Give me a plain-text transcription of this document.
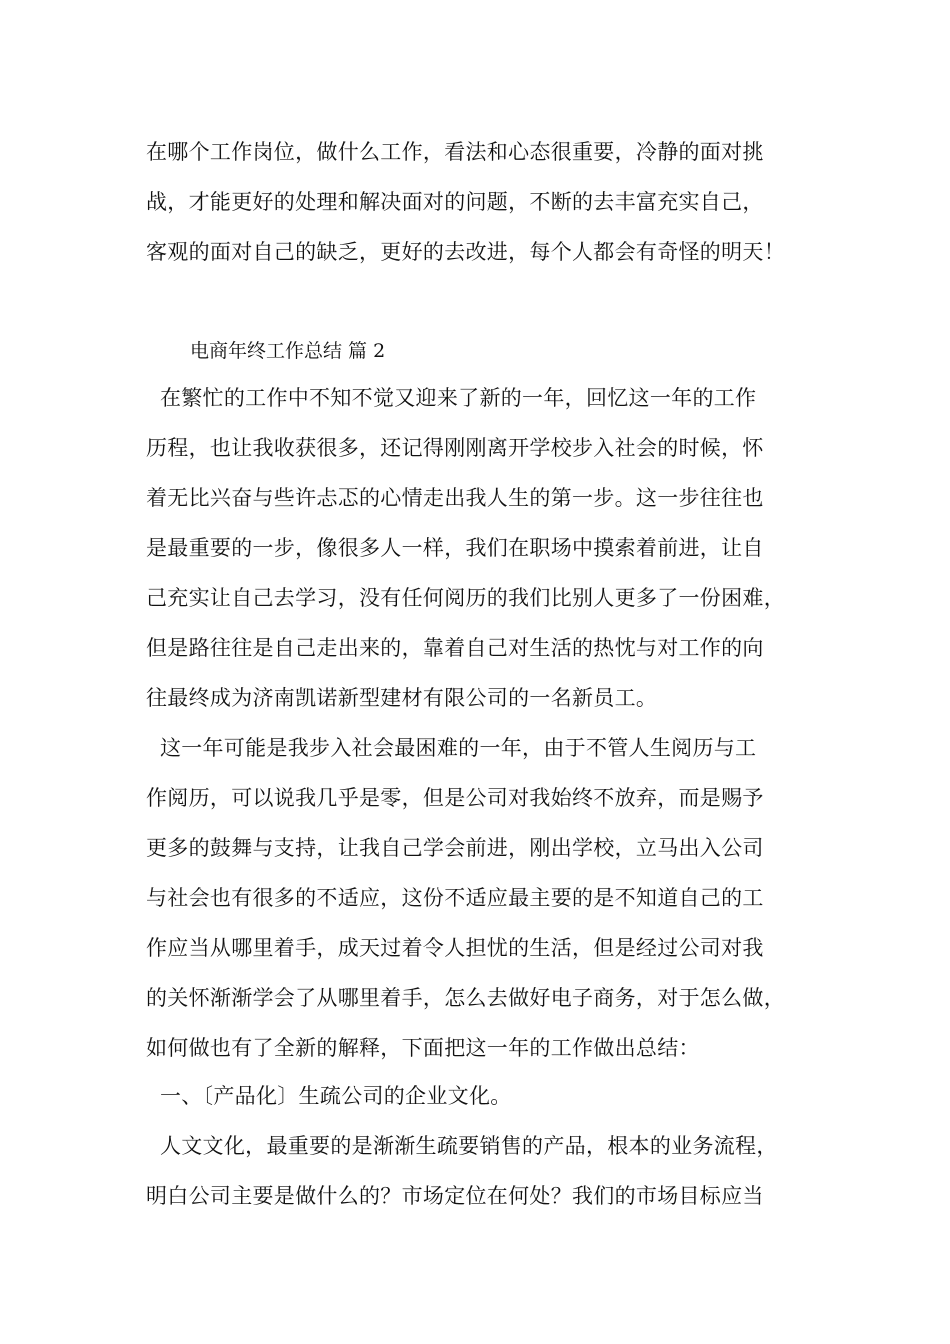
在哪个工作岗位，做什么工作，看法和心态很重要，冷静的面对挑
战，才能更好的处理和解决面对的问题，不断的去丰富充实自己，
客观的面对自己的缺乏，更好的去改进，每个人都会有奇怪的明天！
电商年终工作总结 篇 2
在繁忙的工作中不知不觉又迎来了新的一年，回忆这一年的工作
历程，也让我收获很多，还记得刚刚离开学校步入社会的时候，怀
着无比兴奋与些许忐忑的心情走出我人生的第一步。这一步往往也
是最重要的一步，像很多人一样，我们在职场中摸索着前进，让自
己充实让自己去学习，没有任何阅历的我们比别人更多了一份困难，
但是路往往是自己走出来的，靠着自己对生活的热忱与对工作的向
往最终成为济南凯诺新型建材有限公司的一名新员工。
这一年可能是我步入社会最困难的一年，由于不管人生阅历与工
作阅历，可以说我几乎是零，但是公司对我始终不放弃，而是赐予
更多的鼓舞与支持，让我自己学会前进，刚出学校，立马出入公司
与社会也有很多的不适应，这份不适应最主要的是不知道自己的工
作应当从哪里着手，成天过着令人担忧的生活，但是经过公司对我
的关怀渐渐学会了从哪里着手，怎么去做好电子商务，对于怎么做，
如何做也有了全新的解释，下面把这一年的工作做出总结：
一、〔产品化〕生疏公司的企业文化。
人文文化，最重要的是渐渐生疏要销售的产品，根本的业务流程，
明白公司主要是做什么的？市场定位在何处？我们的市场目标应当
